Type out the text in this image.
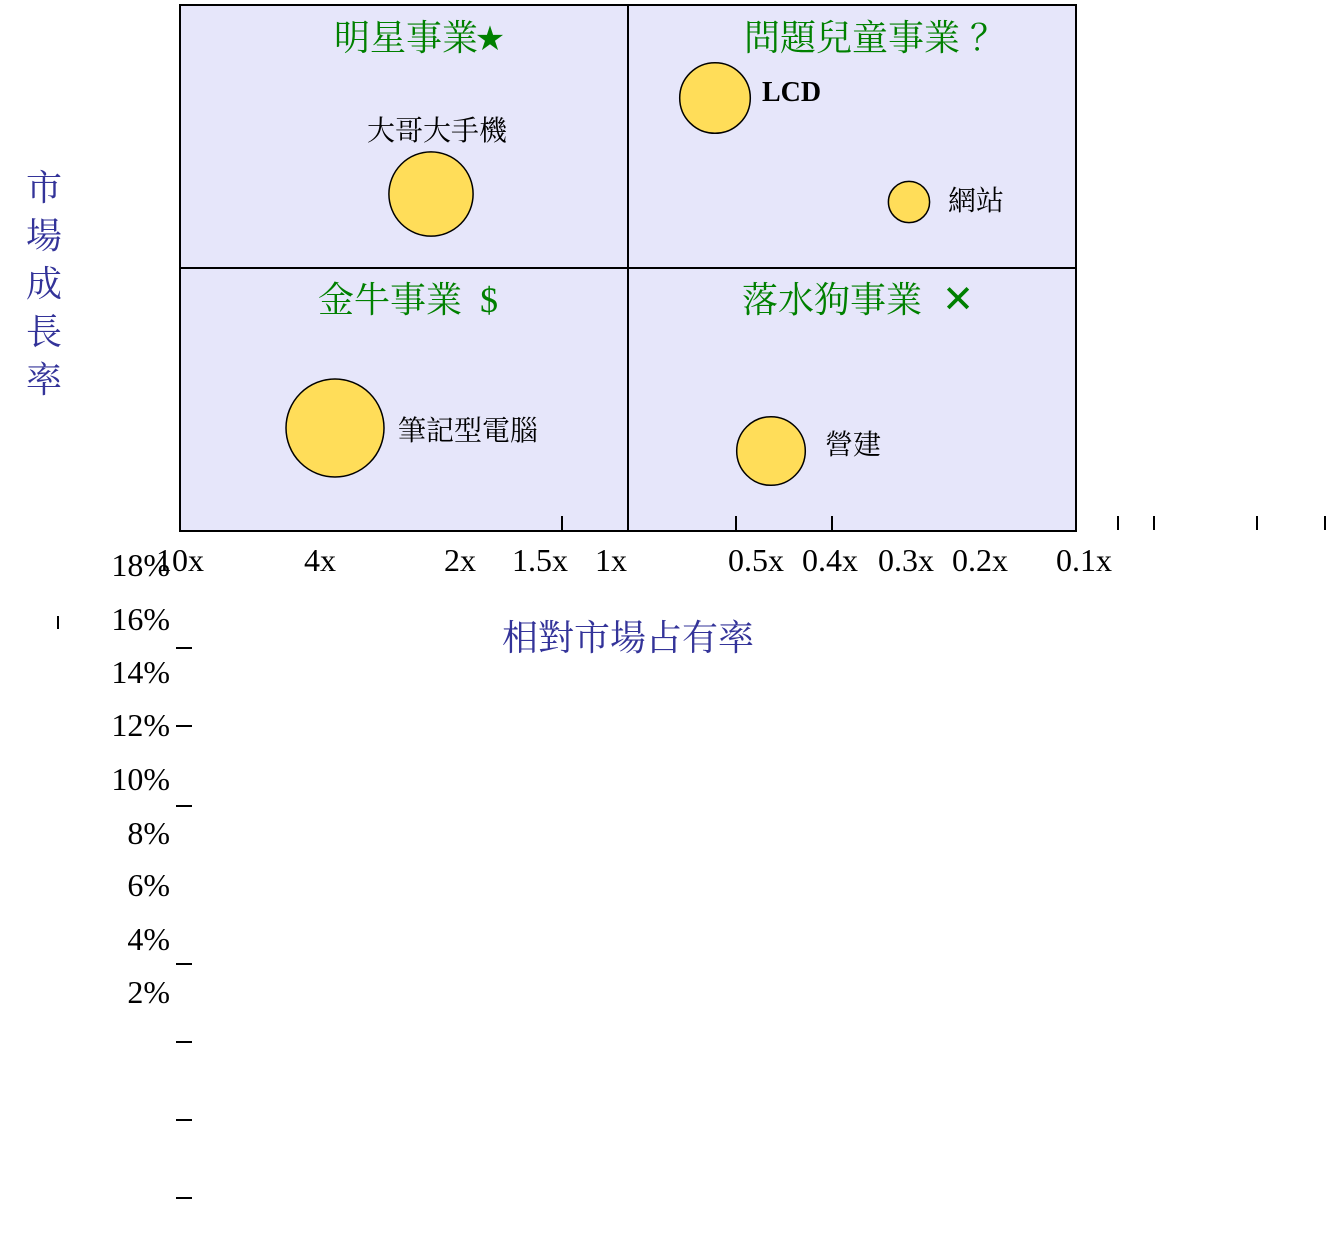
明星事業
★	問題兒童事業 ？
金牛事業 $	落水狗事業 ✕
大哥大手機
LCD
網站
筆記型電腦	營建
10x	4x	2x 1.5x 1x	0.5x 0.4x 0.3x 0.2x 0.1x
18%
16%
14%
12%
10%
8%
6%
4%
2%
相對市場占有率
市
場
成
長
率
